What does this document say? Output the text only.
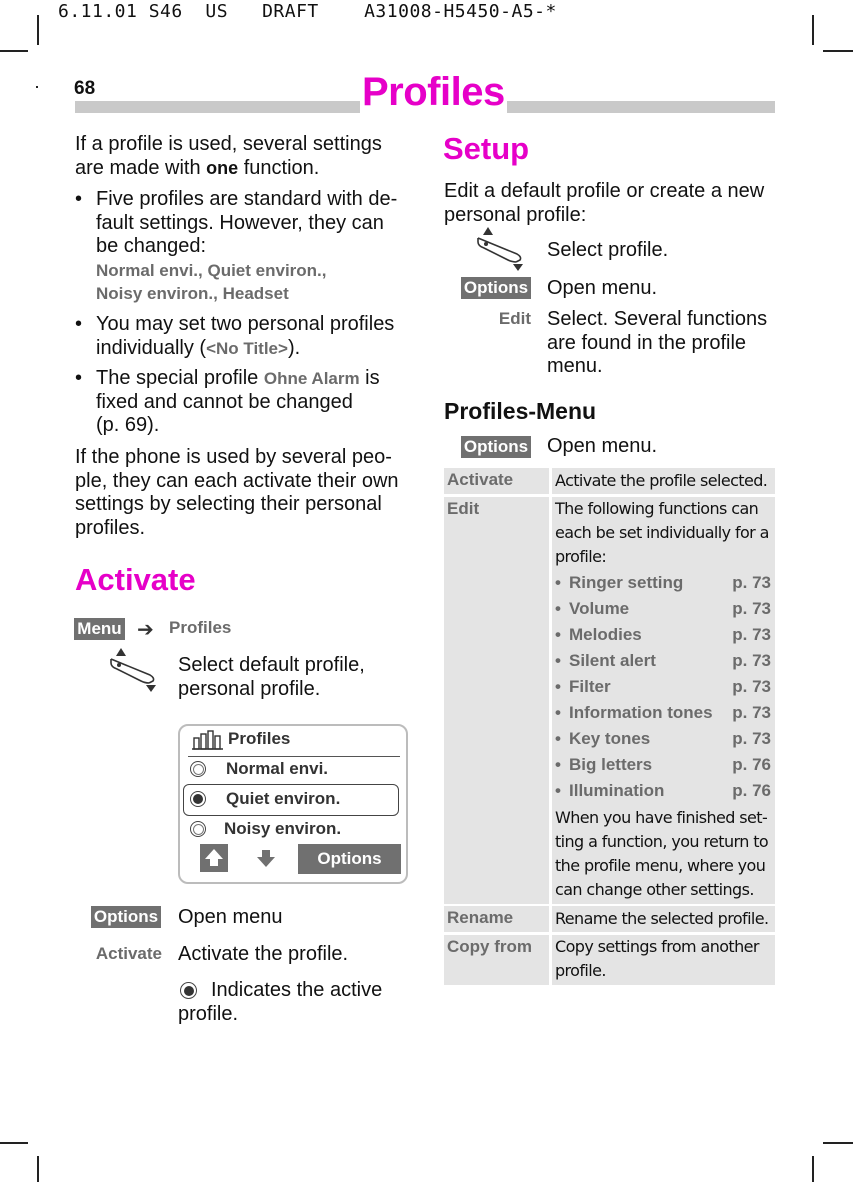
6.11.01 S46  US   DRAFT    A31008-H5450-A5-*
68	Profiles
If a profile is used, several settings
are made with one function.
• Five profiles are standard with de-
fault settings. However, they can
be changed:
Normal envi., Quiet environ.,
Noisy environ., Headset
• You may set two personal profiles
individually (<No Title>).
• The special profile Ohne Alarm is
fixed and cannot be changed
(p. 69).
If the phone is used by several peo-
ple, they can each activate their own
settings by selecting their personal
profiles.
Activate
Menu ➔ Profiles
Select default profile,
personal profile.
Profiles
Normal envi.
Quiet environ.
Noisy environ.
Options
Options Open menu
Activate Activate the profile.
Indicates the active
profile.
Setup
Edit a default profile or create a new
personal profile:
Select profile.
Options Open menu.
Edit Select. Several functions
are found in the profile
menu.
Profiles-Menu
Options Open menu.
Activate	Activate the profile selected.
Edit	The following functions can
each be set individually for a
profile:
• Ringer setting	p. 73
• Volume	p. 73
• Melodies	p. 73
• Silent alert	p. 73
• Filter	p. 73
• Information tones p. 73
• Key tones	p. 73
• Big letters	p. 76
• Illumination	p. 76
When you have finished set-
ting a function, you return to
the profile menu, where you
can change other settings.
Rename	Rename the selected profile.
Copy from Copy settings from another
profile.
